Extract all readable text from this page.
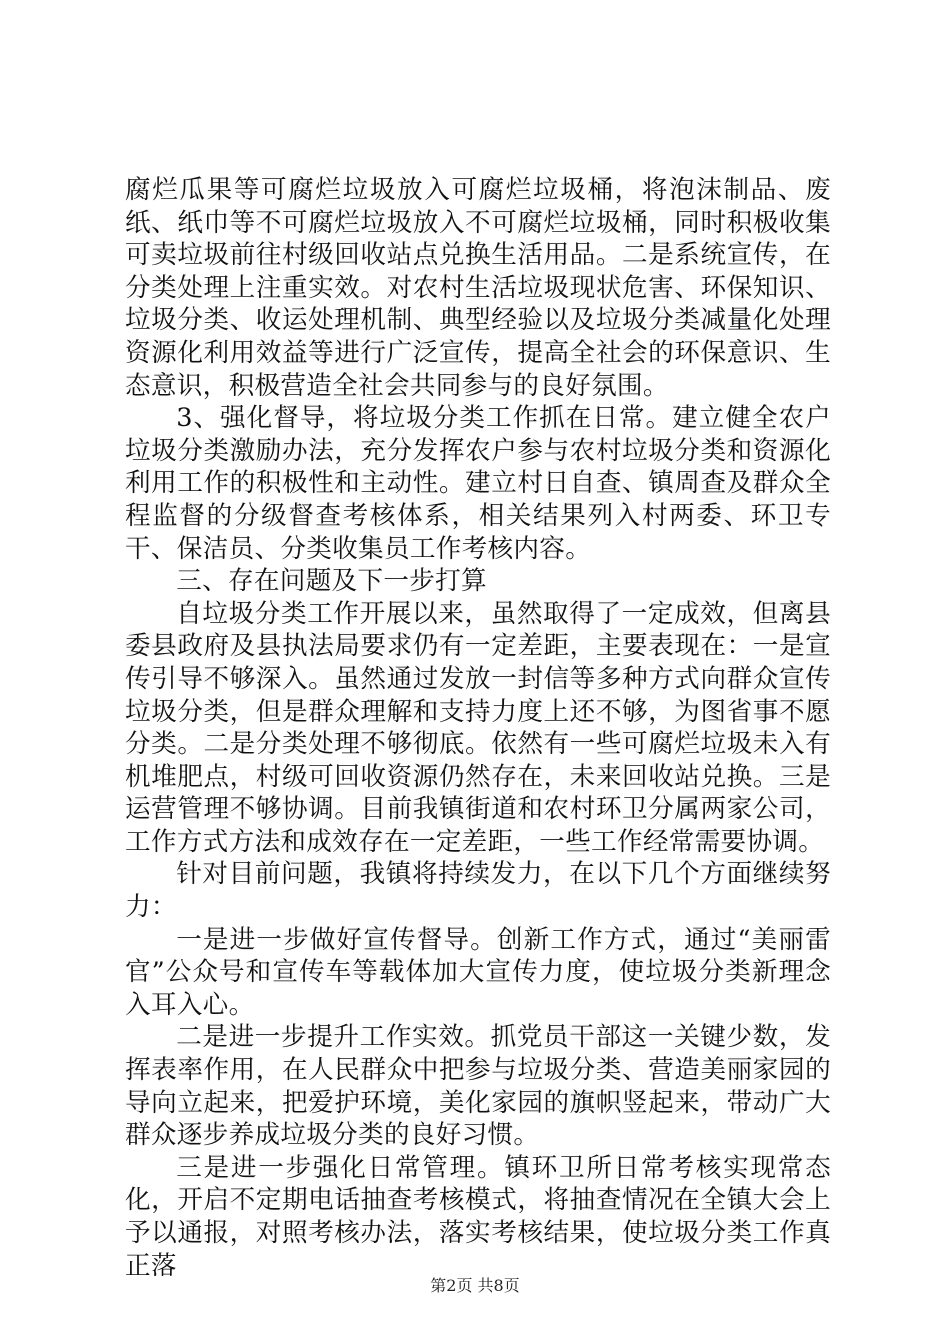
腐烂瓜果等可腐烂垃圾放入可腐烂垃圾桶，将泡沫制品、废纸、纸巾等不可腐烂垃圾放入不可腐烂垃圾桶，同时积极收集可卖垃圾前往村级回收站点兑换生活用品。二是系统宣传，在分类处理上注重实效。对农村生活垃圾现状危害、环保知识、垃圾分类、收运处理机制、典型经验以及垃圾分类减量化处理资源化利用效益等进行广泛宣传，提高全社会的环保意识、生态意识，积极营造全社会共同参与的良好氛围。

3、强化督导，将垃圾分类工作抓在日常。建立健全农户垃圾分类激励办法，充分发挥农户参与农村垃圾分类和资源化利用工作的积极性和主动性。建立村日自查、镇周查及群众全程监督的分级督查考核体系，相关结果列入村两委、环卫专干、保洁员、分类收集员工作考核内容。

三、存在问题及下一步打算

自垃圾分类工作开展以来，虽然取得了一定成效，但离县委县政府及县执法局要求仍有一定差距，主要表现在：一是宣传引导不够深入。虽然通过发放一封信等多种方式向群众宣传垃圾分类，但是群众理解和支持力度上还不够，为图省事不愿分类。二是分类处理不够彻底。依然有一些可腐烂垃圾未入有机堆肥点，村级可回收资源仍然存在，未来回收站兑换。三是运营管理不够协调。目前我镇街道和农村环卫分属两家公司，工作方式方法和成效存在一定差距，一些工作经常需要协调。

针对目前问题，我镇将持续发力，在以下几个方面继续努力：

一是进一步做好宣传督导。创新工作方式，通过“美丽雷官”公众号和宣传车等载体加大宣传力度，使垃圾分类新理念入耳入心。

二是进一步提升工作实效。抓党员干部这一关键少数，发挥表率作用，在人民群众中把参与垃圾分类、营造美丽家园的导向立起来，把爱护环境，美化家园的旗帜竖起来，带动广大群众逐步养成垃圾分类的良好习惯。

三是进一步强化日常管理。镇环卫所日常考核实现常态化，开启不定期电话抽查考核模式，将抽查情况在全镇大会上予以通报，对照考核办法，落实考核结果，使垃圾分类工作真正落

第2页 共8页
